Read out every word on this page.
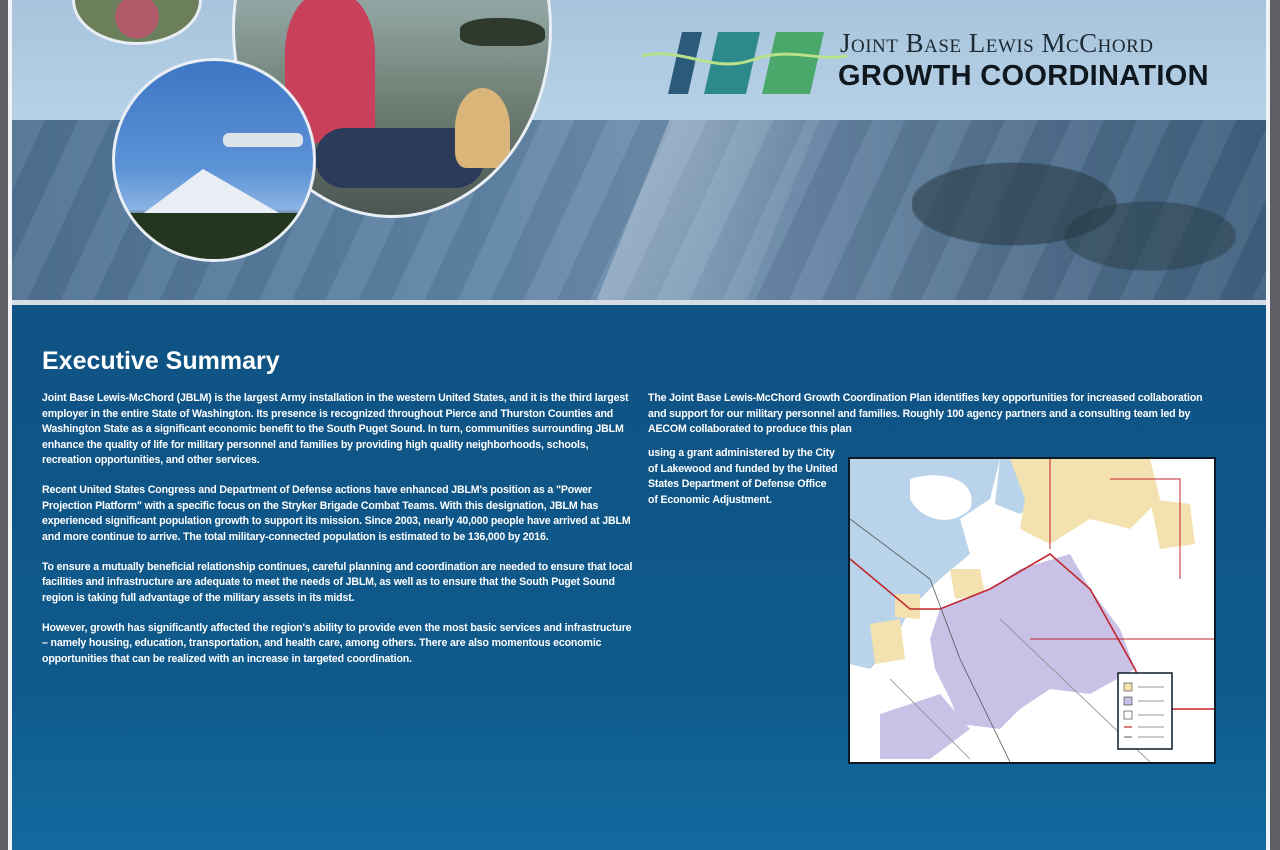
Joint Base Lewis McChord
GROWTH COORDINATION
Executive Summary

Joint Base Lewis-McChord (JBLM) is the largest Army installation in the western United States, and it is the third largest employer in the entire State of Washington. Its presence is recognized throughout Pierce and Thurston Counties and Washington State as a significant economic benefit to the South Puget Sound. In turn, communities surrounding JBLM enhance the quality of life for military personnel and families by providing high quality neighborhoods, schools, recreation opportunities, and other services.

Recent United States Congress and Department of Defense actions have enhanced JBLM's position as a "Power Projection Platform" with a specific focus on the Stryker Brigade Combat Teams. With this designation, JBLM has experienced significant population growth to support its mission. Since 2003, nearly 40,000 people have arrived at JBLM and more continue to arrive. The total military-connected population is estimated to be 136,000 by 2016.

To ensure a mutually beneficial relationship continues, careful planning and coordination are needed to ensure that local facilities and infrastructure are adequate to meet the needs of JBLM, as well as to ensure that the South Puget Sound region is taking full advantage of the military assets in its midst.

However, growth has significantly affected the region's ability to provide even the most basic services and infrastructure – namely housing, education, transportation, and health care, among others. There are also momentous economic opportunities that can be realized with an increase in targeted coordination.

The Joint Base Lewis-McChord Growth Coordination Plan identifies key opportunities for increased collaboration and support for our military personnel and families. Roughly 100 agency partners and a consulting team led by AECOM collaborated to produce this plan

using a grant administered by the City of Lakewood and funded by the United States Department of Defense Office of Economic Adjustment.
